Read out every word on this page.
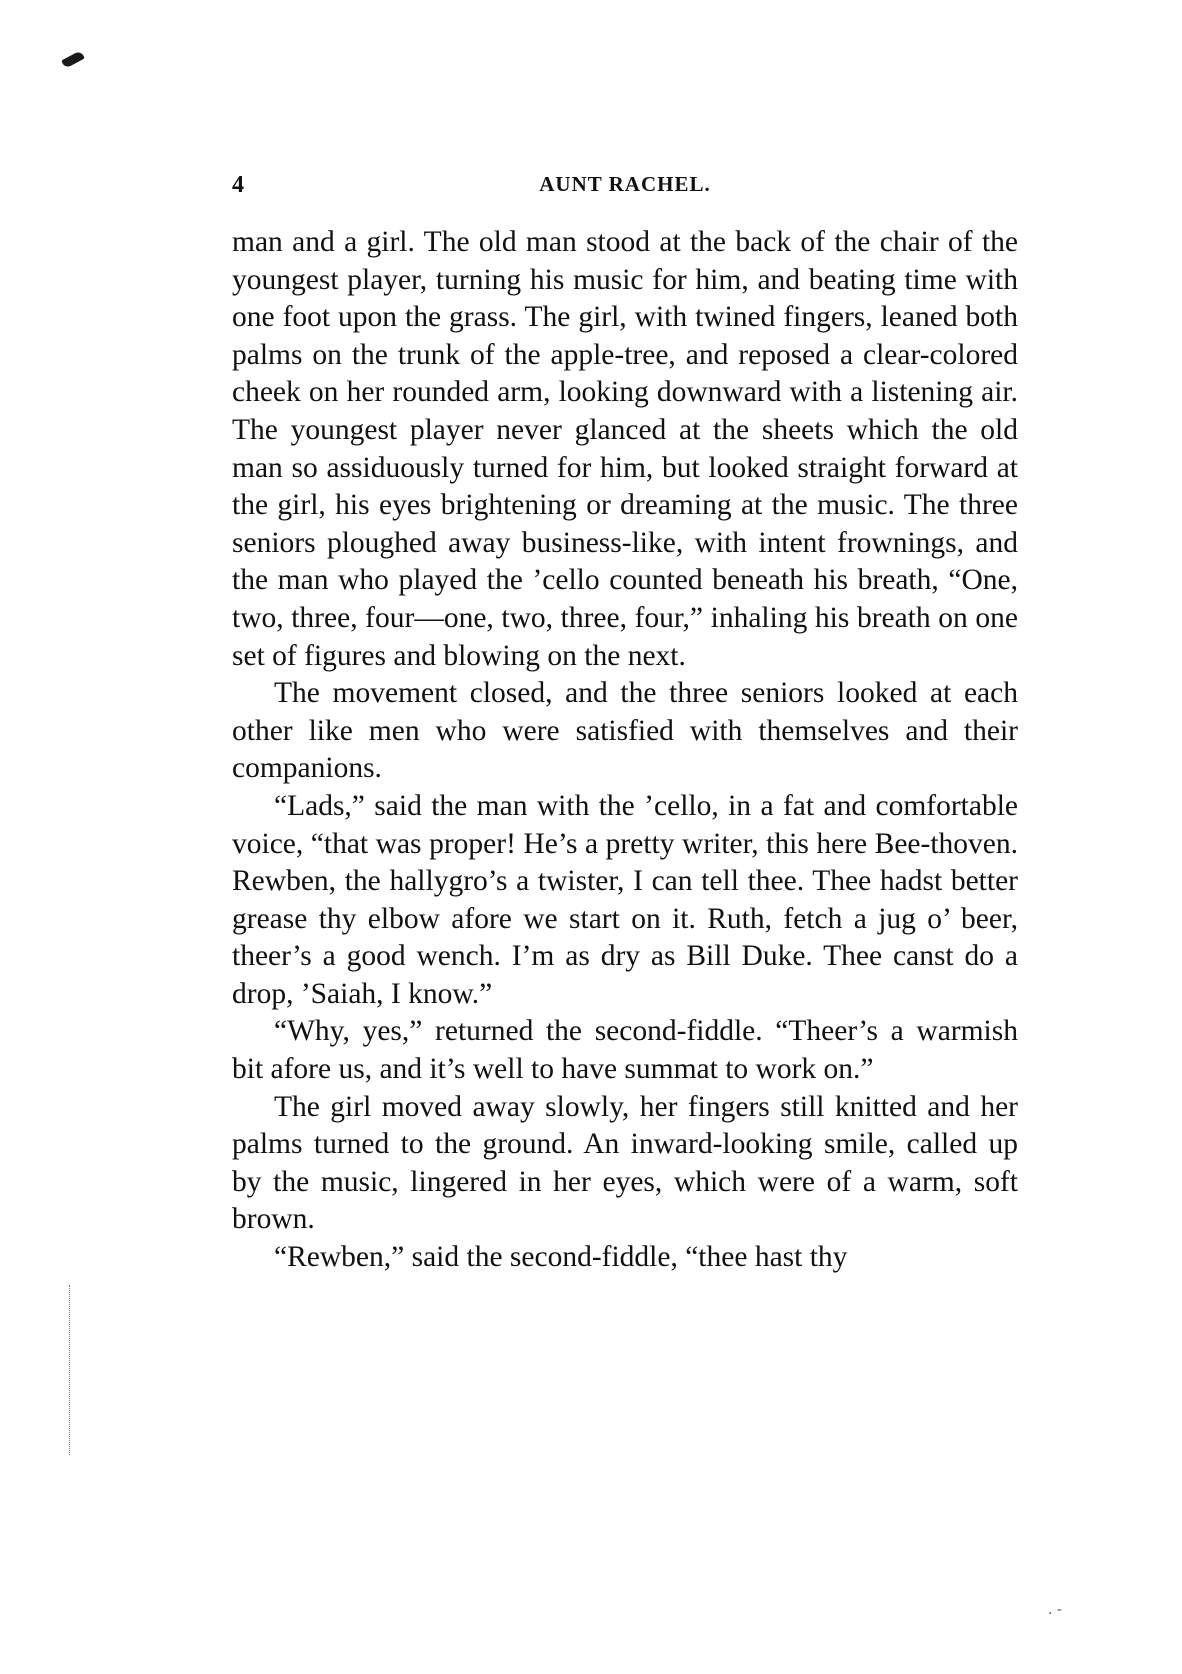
4	AUNT RACHEL.

man and a girl. The old man stood at the back of the chair of the youngest player, turning his music for him, and beating time with one foot upon the grass. The girl, with twined fingers, leaned both palms on the trunk of the apple-tree, and reposed a clear-colored cheek on her rounded arm, looking downward with a listening air. The youngest player never glanced at the sheets which the old man so assiduously turned for him, but looked straight forward at the girl, his eyes brightening or dreaming at the music. The three seniors ploughed away business-like, with intent frownings, and the man who played the ’cello counted beneath his breath, “One, two, three, four—one, two, three, four,” inhaling his breath on one set of figures and blowing on the next.

The movement closed, and the three seniors looked at each other like men who were satisfied with themselves and their companions.

“Lads,” said the man with the ’cello, in a fat and comfortable voice, “that was proper! He’s a pretty writer, this here Bee-thoven. Rewben, the hallygro’s a twister, I can tell thee. Thee hadst better grease thy elbow afore we start on it. Ruth, fetch a jug o’ beer, theer’s a good wench. I’m as dry as Bill Duke. Thee canst do a drop, ’Saiah, I know.”

“Why, yes,” returned the second-fiddle. “Theer’s a warmish bit afore us, and it’s well to have summat to work on.”

The girl moved away slowly, her fingers still knitted and her palms turned to the ground. An inward-looking smile, called up by the music, lingered in her eyes, which were of a warm, soft brown.

“Rewben,” said the second-fiddle, “thee hast thy

. -
